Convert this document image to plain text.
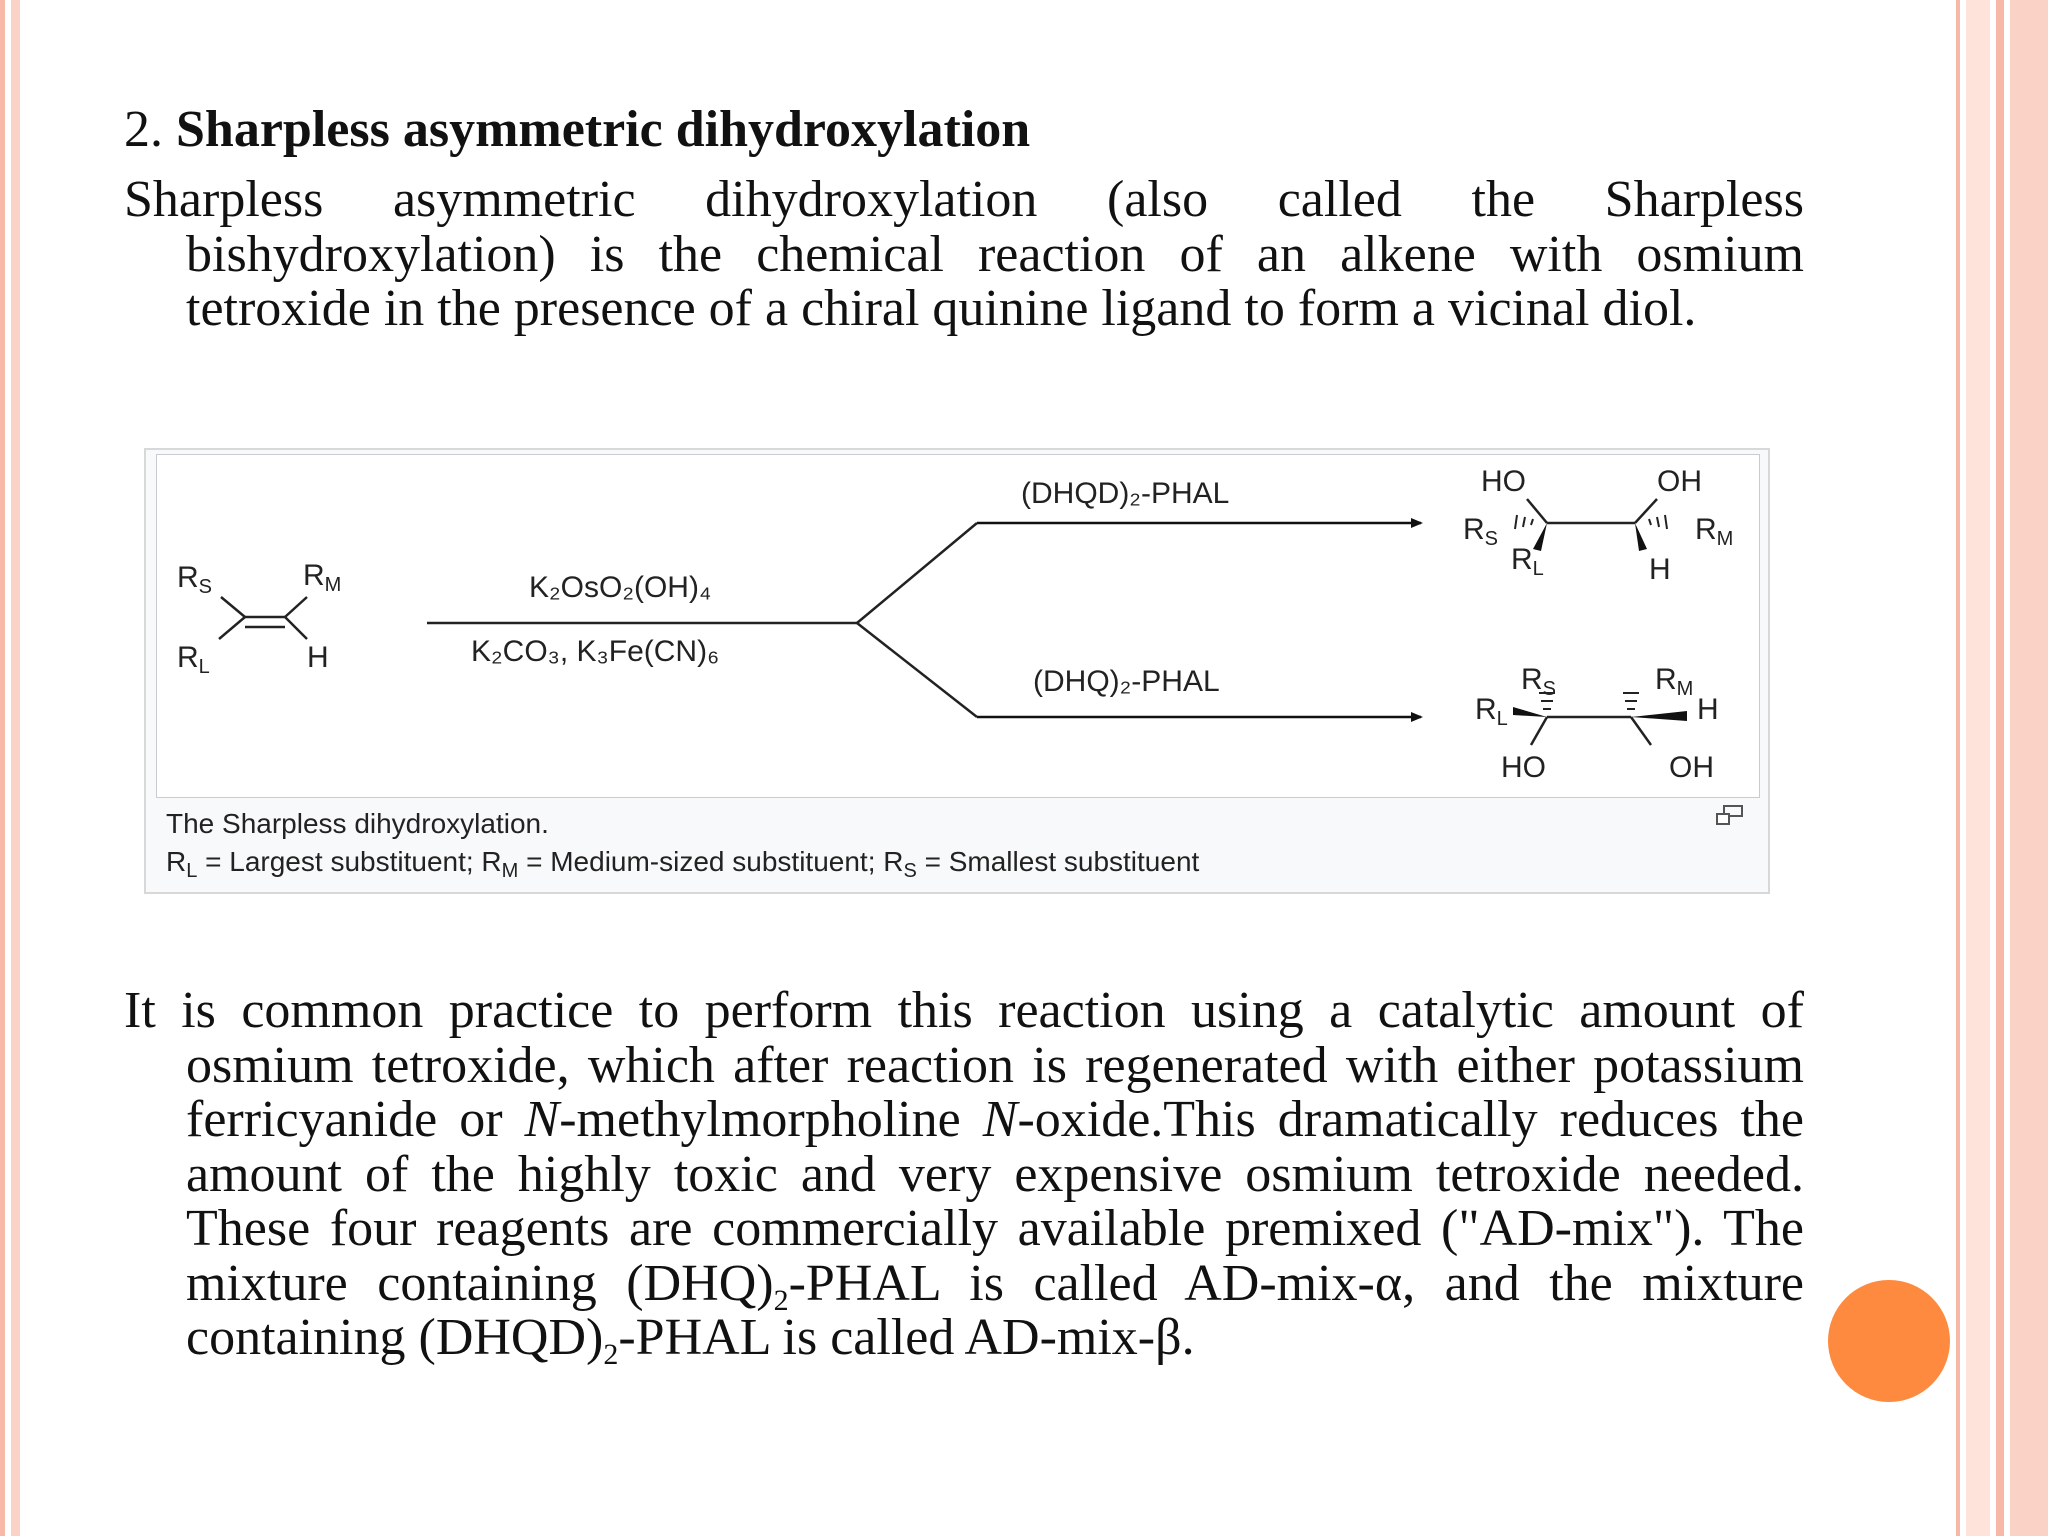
2. Sharpless asymmetric dihydroxylation
Sharpless asymmetric dihydroxylation (also called the Sharpless bishydroxylation) is the chemical reaction of an alkene with osmium tetroxide in the presence of a chiral quinine ligand to form a vicinal diol.
$R_S$	$R_M$
$R_L$	H
K₂OsO₂(OH)₄
K₂CO₃, K₃Fe(CN)₆
(DHQD)₂-PHAL
(DHQ)₂-PHAL
HO	OH
$R_S$	$R_M$
$R_L$	H
$R_S$	$R_M$
$R_L$	H
HO	OH
The Sharpless dihydroxylation.
$R_L$ = Largest substituent; $R_M$ = Medium-sized substituent; $R_S$ = Smallest substituent
It is common practice to perform this reaction using a catalytic amount of osmium tetroxide, which after reaction is regenerated with either potassium ferricyanide or N-methylmorpholine N-oxide.This dramatically reduces the amount of the highly toxic and very expensive osmium tetroxide needed. These four reagents are commercially available premixed ("AD-mix"). The mixture containing $(DHQ)_2$-PHAL is called AD-mix-α, and the mixture containing $(DHQD)_2$-PHAL is called AD-mix-β.
